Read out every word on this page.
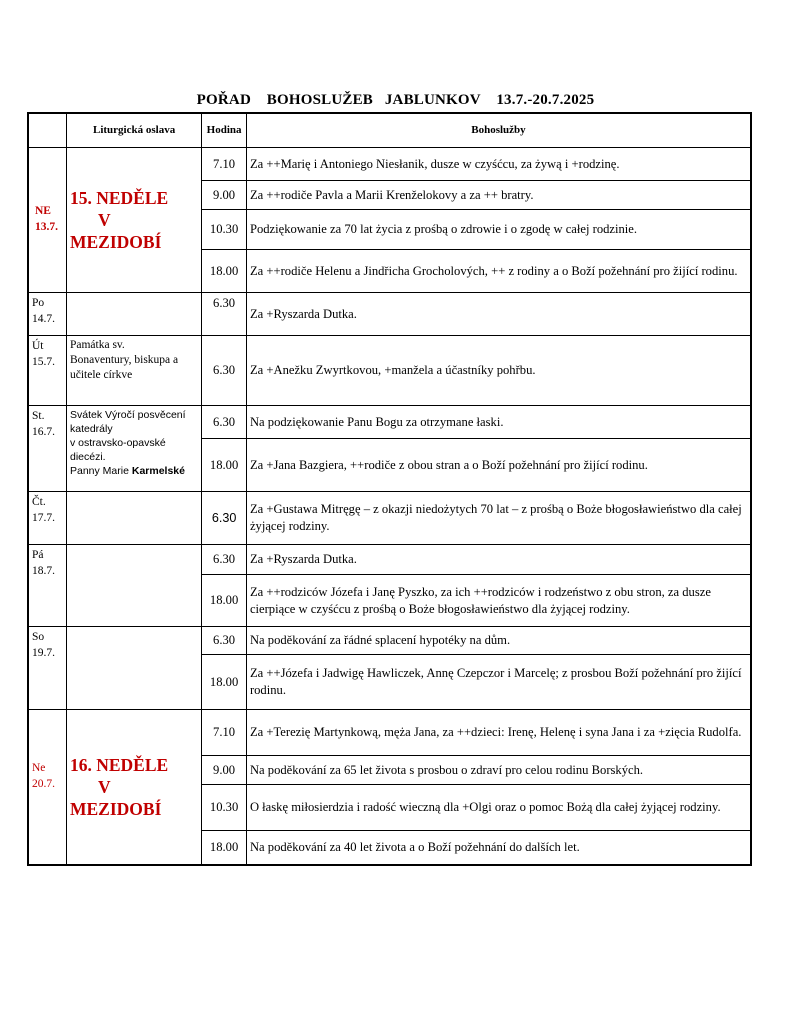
POŘAD    BOHOSLUŽEB   JABLUNKOV    13.7.-20.7.2025
	Liturgická oslava	Hodina	Bohoslužby

NE
13.7.	15. NEDĚLE
V
MEZIDOBÍ	7.10	Za ++Marię i Antoniego Niesłanik, dusze w czyśćcu, za żywą i +rodzinę.
		9.00	Za ++rodiče Pavla a Marii Krenželokovy a za ++ bratry.
		10.30	Podziękowanie za 70 lat życia z prośbą o zdrowie i o zgodę w całej rodzinie.
		18.00	Za ++rodiče Helenu a Jindřicha Grocholových, ++ z rodiny a o Boží požehnání pro žijící rodinu.

Po
14.7.		6.30	Za +Ryszarda Dutka.

Út
15.7.	Památka sv.
Bonaventury, biskupa a
učitele církve	6.30	Za +Anežku Zwyrtkovou, +manžela a účastníky pohřbu.

St.
16.7.	Svátek Výročí posvěcení
katedrály
v ostravsko-opavské
diecézi.
Panny Marie Karmelské	6.30	Na podziękowanie Panu Bogu za otrzymane łaski.
		18.00	Za +Jana Bazgiera, ++rodiče z obou stran a o Boží požehnání pro žijící rodinu.

Čt.
17.7.		6.30	Za +Gustawa Mitręgę – z okazji niedożytych 70 lat – z prośbą o Boże błogosławieństwo dla całej żyjącej rodziny.

Pá
18.7.		6.30	Za +Ryszarda Dutka.
		18.00	Za ++rodziców Józefa i Janę Pyszko, za ich ++rodziców i rodzeństwo z obu stron, za dusze cierpiące w czyśćcu z prośbą o Boże błogosławieństwo dla żyjącej rodziny.

So
19.7.		6.30	Na poděkování za řádné splacení hypotéky na dům.
		18.00	Za ++Józefa i Jadwigę Hawliczek, Annę Czepczor i Marcelę; z prosbou Boží požehnání pro žijící rodinu.

Ne
20.7.	16. NEDĚLE
V
MEZIDOBÍ	7.10	Za +Terezię Martynkową, męża Jana, za ++dzieci: Irenę, Helenę i syna Jana i za +zięcia Rudolfa.
		9.00	Na poděkování za 65 let života s prosbou o zdraví pro celou rodinu Borských.
		10.30	O łaskę miłosierdzia i radość wieczną dla +Olgi oraz o pomoc Bożą dla całej żyjącej rodziny.
		18.00	Na poděkování za 40 let života a o Boží požehnání do dalších let.
